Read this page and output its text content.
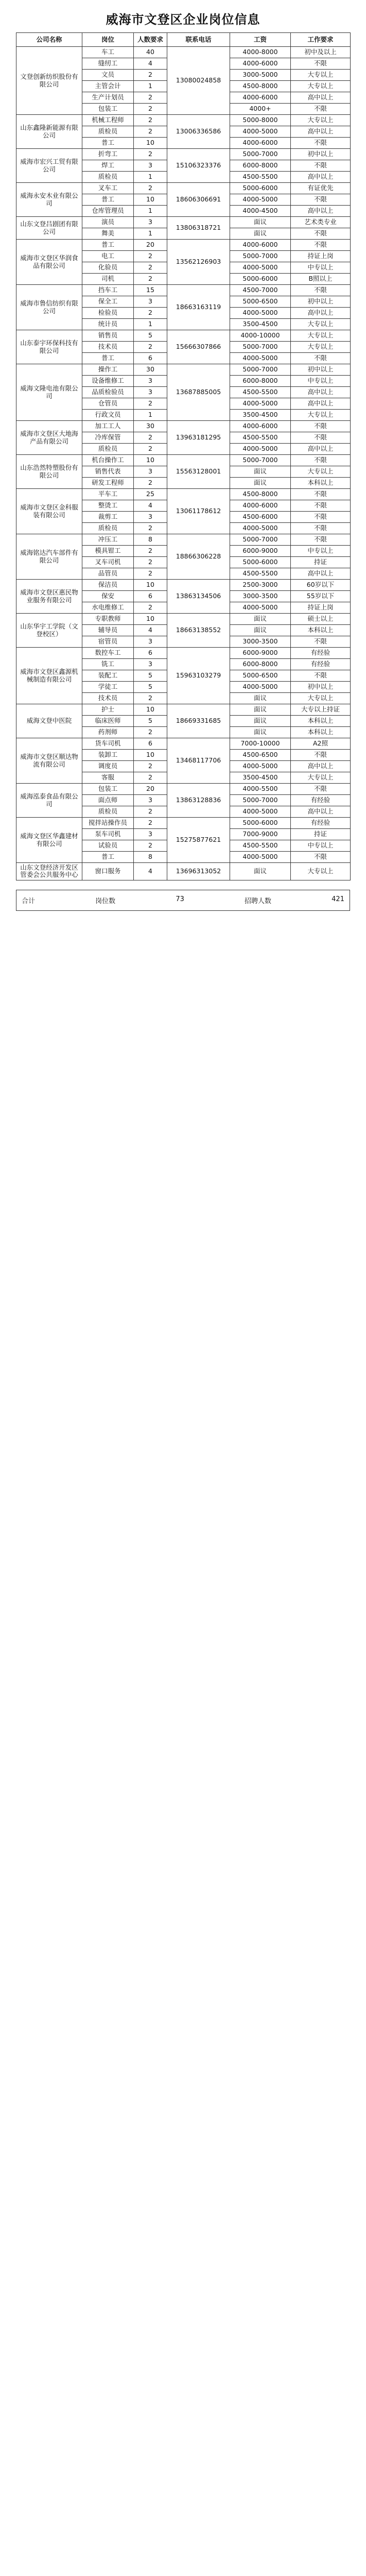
威海市文登区企业岗位信息
公司名称	岗位	人数要求	联系电话	工资	工作要求
文登创新纺织股份有限公司	车工	40	13080024858	4000-8000	初中及以上
	缝纫工	4		4000-6000	不限
	文员	2		3000-5000	大专以上
	主管会计	1		4500-8000	大专以上
	生产计划员	2		4000-6000	高中以上
	包装工	2		4000+	不限
山东鑫隆新能源有限公司	机械工程师	2	13006336586	5000-8000	大专以上
	质检员	2		4000-5000	高中以上
	普工	10		4000-6000	不限
威海市宏兴工贸有限公司	折弯工	2	15106323376	5000-7000	初中以上
	焊工	3		6000-8000	不限
	质检员	1		4500-5500	高中以上
威海永安木业有限公司	叉车工	2	18606306691	5000-6000	有证优先
	普工	10		4000-5000	不限
	仓库管理员	1		4000-4500	高中以上
山东文登吕剧团有限公司	演员	3	13806318721	面议	艺术类专业
	舞美	1		面议	不限
威海市文登区华润食品有限公司	普工	20	13562126903	4000-6000	不限
	电工	2		5000-7000	持证上岗
	化验员	2		4000-5000	中专以上
	司机	2		5000-6000	B照以上
威海市鲁信纺织有限公司	挡车工	15	18663163119	4500-7000	不限
	保全工	3		5000-6500	初中以上
	检验员	2		4000-5000	高中以上
	统计员	1		3500-4500	大专以上
山东泰宇环保科技有限公司	销售员	5	15666307866	4000-10000	大专以上
	技术员	2		5000-7000	大专以上
	普工	6		4000-5000	不限
威海文隆电池有限公司	操作工	30	13687885005	5000-7000	初中以上
	设备维修工	3		6000-8000	中专以上
	品质检验员	3		4500-5500	高中以上
	仓管员	2		4000-5000	高中以上
	行政文员	1		3500-4500	大专以上
威海市文登区大地海产品有限公司	加工工人	30	13963181295	4000-6000	不限
	冷库保管	2		4500-5500	不限
	质检员	2		4000-5000	高中以上
山东浩然特塑股份有限公司	机台操作工	10	15563128001	5000-7000	不限
	销售代表	3		面议	大专以上
	研发工程师	2		面议	本科以上
威海市文登区金科服装有限公司	平车工	25	13061178612	4500-8000	不限
	整烫工	4		4000-6000	不限
	裁剪工	3		4500-6000	不限
	质检员	2		4000-5000	不限
威海铭达汽车部件有限公司	冲压工	8	18866306228	5000-7000	不限
	模具钳工	2		6000-9000	中专以上
	叉车司机	2		5000-6000	持证
	品管员	2		4500-5500	高中以上
威海市文登区惠民物业服务有限公司	保洁员	10	13863134506	2500-3000	60岁以下
	保安	6		3000-3500	55岁以下
	水电维修工	2		4000-5000	持证上岗
山东华宇工学院（文登校区）	专职教师	10	18663138552	面议	硕士以上
	辅导员	4		面议	本科以上
	宿管员	3		3000-3500	不限
威海市文登区鑫源机械制造有限公司	数控车工	6	15963103279	6000-9000	有经验
	铣工	3		6000-8000	有经验
	装配工	5		5000-6500	不限
	学徒工	5		4000-5000	初中以上
	技术员	2		面议	大专以上
威海文登中医院	护士	10	18669331685	面议	大专以上持证
	临床医师	5		面议	本科以上
	药剂师	2		面议	本科以上
威海市文登区顺达物流有限公司	货车司机	6	13468117706	7000-10000	A2照
	装卸工	10		4500-6500	不限
	调度员	2		4000-5000	高中以上
	客服	2		3500-4500	大专以上
威海泓泰食品有限公司	包装工	20	13863128836	4000-5500	不限
	面点师	3		5000-7000	有经验
	质检员	2		4000-5000	高中以上
威海文登区华鑫建材有限公司	搅拌站操作员	2	15275877621	5000-6000	有经验
	泵车司机	3		7000-9000	持证
	试验员	2		4500-5500	中专以上
	普工	8		4000-5000	不限
山东文登经济开发区管委会公共服务中心	窗口服务	4	13696313052	面议	大专以上
合计	岗位数	73	招聘人数	421
